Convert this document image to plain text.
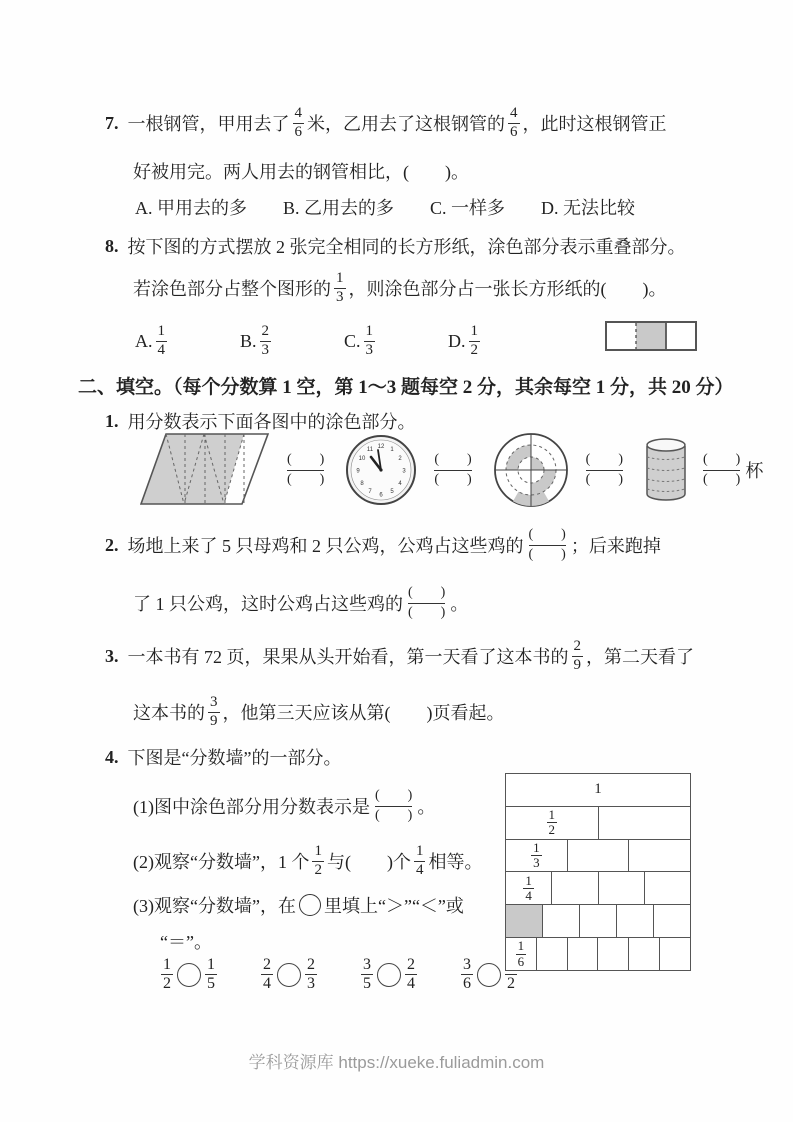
7. 一根钢管，甲用去了 $\frac{4}{6}$ 米，乙用去了这根钢管的 $\frac{4}{6}$ ，此时这根钢管正
好被用完。两人用去的钢管相比，(　　)。
A. 甲用去的多 B. 乙用去的多 C. 一样多 D. 无法比较
8. 按下图的方式摆放 2 张完全相同的长方形纸，涂色部分表示重叠部分。
若涂色部分占整个图形的 $\frac{1}{3}$ ，则涂色部分占一张长方形纸的(　　)。
A. $\frac{1}{4}$	B. $\frac{2}{3}$	C. $\frac{1}{3}$	D. $\frac{1}{2}$
二、填空。（每个分数算 1 空，第 1～3 题每空 2 分，其余每空 1 分，共 20 分）
1. 用分数表示下面各图中的涂色部分。
(　　)
(　　)
12 1
2
3
4
5
6
7
8
9
10
11
(　　)
(　　)
(　　)
(　　)
(　　)
(　　) 杯
2. 场地上来了 5 只母鸡和 2 只公鸡，公鸡占这些鸡的
(　　)
(　　) ；后来跑掉
了 1 只公鸡，这时公鸡占这些鸡的
(　　)
(　　) 。
3. 一本书有 72 页，果果从头开始看，第一天看了这本书的 $\frac{2}{9}$ ，第二天看了
这本书的 $\frac{3}{9}$ ，他第三天应该从第(　　)页看起。
4. 下图是“分数墙”的一部分。
(1)图中涂色部分用分数表示是
(　　)
(　　) 。
(2)观察“分数墙”，1 个 $\frac{1}{2}$ 与(　　)个 $\frac{1}{4}$ 相等。
(3)观察“分数墙”，在 里填上“＞”“＜”或
“＝”。
$\frac{1}{2} \frac{1}{5}$	$\frac{2}{4} \frac{2}{3}$	$\frac{3}{5} \frac{2}{4}$	$\frac{3}{6} 2$
1
$\frac{1}{2}$
$\frac{1}{3}$
$\frac{1}{4}$
$\frac{1}{6}$
学科资源库 https://xueke.fuliadmin.com
